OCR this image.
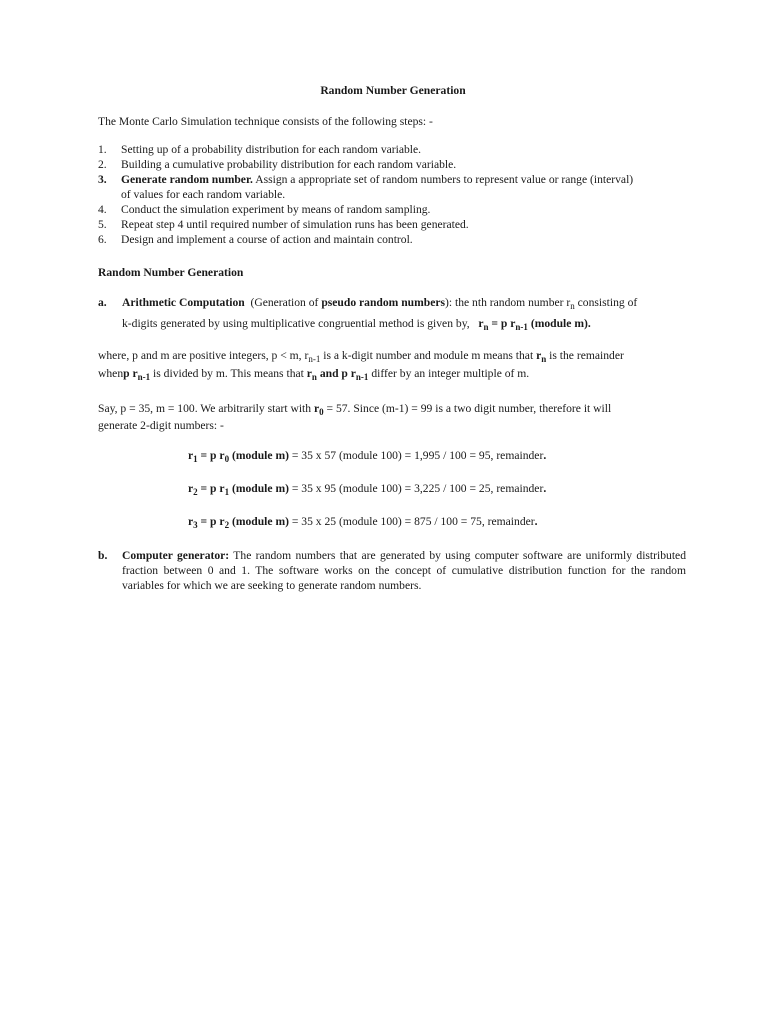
Random Number Generation
The Monte Carlo Simulation technique consists of the following steps: -
1. Setting up of a probability distribution for each random variable.
2. Building a cumulative probability distribution for each random variable.
3. Generate random number. Assign a appropriate set of random numbers to represent value or range (interval)
of values for each random variable.
4. Conduct the simulation experiment by means of random sampling.
5. Repeat step 4 until required number of simulation runs has been generated.
6. Design and implement a course of action and maintain control.
Random Number Generation
a. Arithmetic Computation (Generation of pseudo random numbers): the nth random number $r_n$ consisting of
k-digits generated by using multiplicative congruential method is given by, $r_n = p$ $r_{n-1}$ (module m).
where, p and m are positive integers, p < m, $r_{n-1}$ is a k-digit number and module m means that $r_n$ is the remainder
whenp $r_{n-1}$ is divided by m. This means that $r_n$ and p $r_{n-1}$ differ by an integer multiple of m.
Say, p = 35, m = 100. We arbitrarily start with $r_0 = 57$. Since (m-1) = 99 is a two digit number, therefore it will
generate 2-digit numbers: -
$r_1 = p$ $r_0$ (module m) = 35 x 57 (module 100) = 1,995 / 100 = 95, remainder.
$r_2 = p$ $r_1$ (module m) = 35 x 95 (module 100) = 3,225 / 100 = 25, remainder.
$r_3 = p$ $r_2$ (module m) = 35 x 25 (module 100) = 875 / 100 = 75, remainder.
b. Computer generator: The random numbers that are generated by using computer software are uniformly distributed fraction between 0 and 1. The software works on the concept of cumulative distribution function for the random variables for which we are seeking to generate random numbers.
